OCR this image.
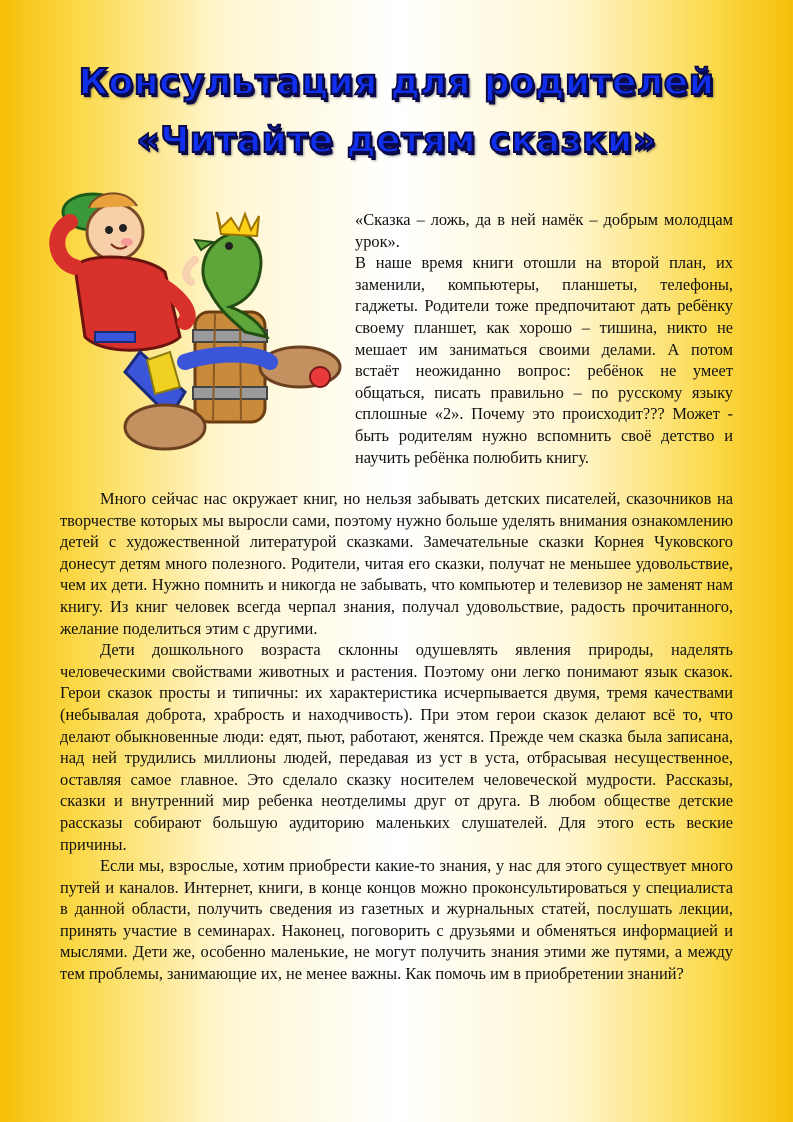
Консультация для родителей
«Читайте детям сказки»

«Сказка – ложь, да в ней намёк – добрым молодцам урок».

В наше время книги отошли на второй план, их заменили, компьютеры, планшеты, телефоны, гаджеты. Родители тоже предпочитают дать ребёнку своему планшет, как хорошо – тишина, никто не мешает им заниматься своими делами. А потом встаёт неожиданно вопрос: ребёнок не умеет общаться, писать правильно – по русскому языку сплошные «2». Почему это происходит??? Может - быть родителям нужно вспомнить своё детство и научить ребёнка полюбить книгу.

Много сейчас нас окружает книг, но нельзя забывать детских писателей, сказочников на творчестве которых мы выросли сами, поэтому нужно больше уделять внимания ознакомлению детей с художественной литературой сказками. Замечательные сказки Корнея Чуковского донесут детям много полезного. Родители, читая его сказки, получат не меньшее удовольствие, чем их дети. Нужно помнить и никогда не забывать, что компьютер и телевизор не заменят нам книгу. Из книг человек всегда черпал знания, получал удовольствие, радость прочитанного, желание поделиться этим с другими.

Дети дошкольного возраста склонны одушевлять явления природы, наделять человеческими свойствами животных и растения. Поэтому они легко понимают язык сказок. Герои сказок просты и типичны: их характеристика исчерпывается двумя, тремя качествами (небывалая доброта, храбрость и находчивость). При этом герои сказок делают всё то, что делают обыкновенные люди: едят, пьют, работают, женятся. Прежде чем сказка была записана, над ней трудились миллионы людей, передавая из уст в уста, отбрасывая несущественное, оставляя самое главное. Это сделало сказку носителем человеческой мудрости. Рассказы, сказки и внутренний мир ребенка неотделимы друг от друга. В любом обществе детские рассказы собирают большую аудиторию маленьких слушателей. Для этого есть веские причины.

Если мы, взрослые, хотим приобрести какие-то знания, у нас для этого существует много путей и каналов. Интернет, книги, в конце концов можно проконсультироваться у специалиста в данной области, получить сведения из газетных и журнальных статей, послушать лекции, принять участие в семинарах. Наконец, поговорить с друзьями и обменяться информацией и мыслями. Дети же, особенно маленькие, не могут получить знания этими же путями, а между тем проблемы, занимающие их, не менее важны. Как помочь им в приобретении знаний?
